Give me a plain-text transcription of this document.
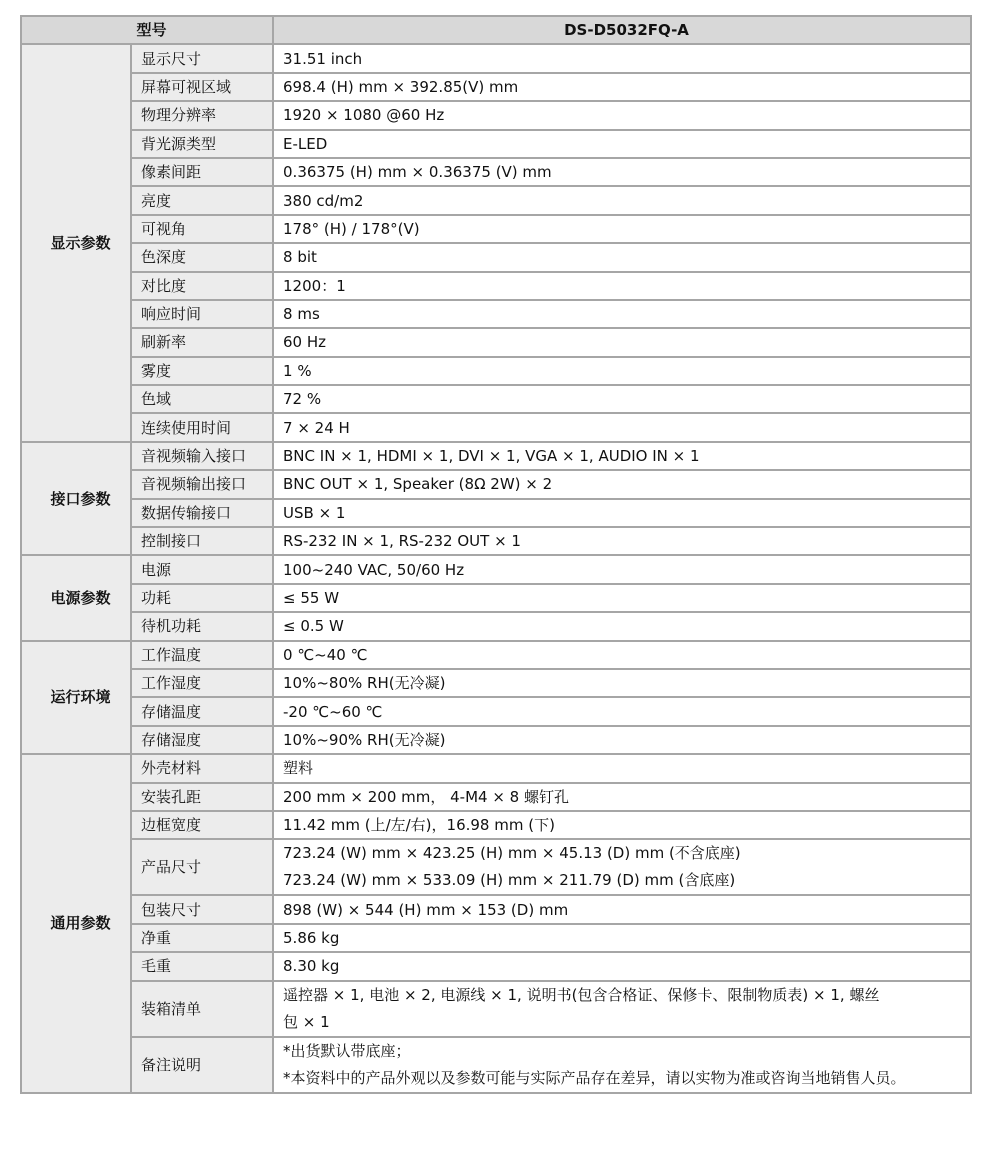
型号		DS-D5032FQ-A
显示参数	显示尺寸	31.51 inch
	屏幕可视区域	698.4 (H) mm × 392.85(V) mm
	物理分辨率	1920 × 1080 @60 Hz
	背光源类型	E-LED
	像素间距	0.36375 (H) mm × 0.36375 (V) mm
	亮度	380 cd/m2
	可视角	178° (H) / 178°(V)
	色深度	8 bit
	对比度	1200：1
	响应时间	8 ms
	刷新率	60 Hz
	雾度	1 %
	色域	72 %
	连续使用时间	7 × 24 H
接口参数	音视频输入接口	BNC IN × 1, HDMI × 1, DVI × 1, VGA × 1, AUDIO IN × 1
	音视频输出接口	BNC OUT × 1, Speaker (8Ω 2W) × 2
	数据传输接口	USB × 1
	控制接口	RS-232 IN × 1, RS-232 OUT × 1
电源参数	电源	100~240 VAC, 50/60 Hz
	功耗	≤ 55 W
	待机功耗	≤ 0.5 W
运行环境	工作温度	0 ℃~40 ℃
	工作湿度	10%~80% RH(无冷凝)
	存储温度	-20 ℃~60 ℃
	存储湿度	10%~90% RH(无冷凝)
通用参数	外壳材料	塑料
	安装孔距	200 mm × 200 mm， 4-M4 × 8 螺钉孔
	边框宽度	11.42 mm (上/左/右)，16.98 mm (下)
	产品尺寸	723.24 (W) mm × 423.25 (H) mm × 45.13 (D) mm (不含底座)
723.24 (W) mm × 533.09 (H) mm × 211.79 (D) mm (含底座)

	包装尺寸	898 (W) × 544 (H) mm × 153 (D) mm
	净重	5.86 kg
	毛重	8.30 kg
	装箱清单	遥控器 × 1, 电池 × 2, 电源线 × 1, 说明书(包含合格证、保修卡、限制物质表) × 1, 螺丝
包 × 1

	备注说明	*出货默认带底座；
*本资料中的产品外观以及参数可能与实际产品存在差异，请以实物为准或咨询当地销售人员。
